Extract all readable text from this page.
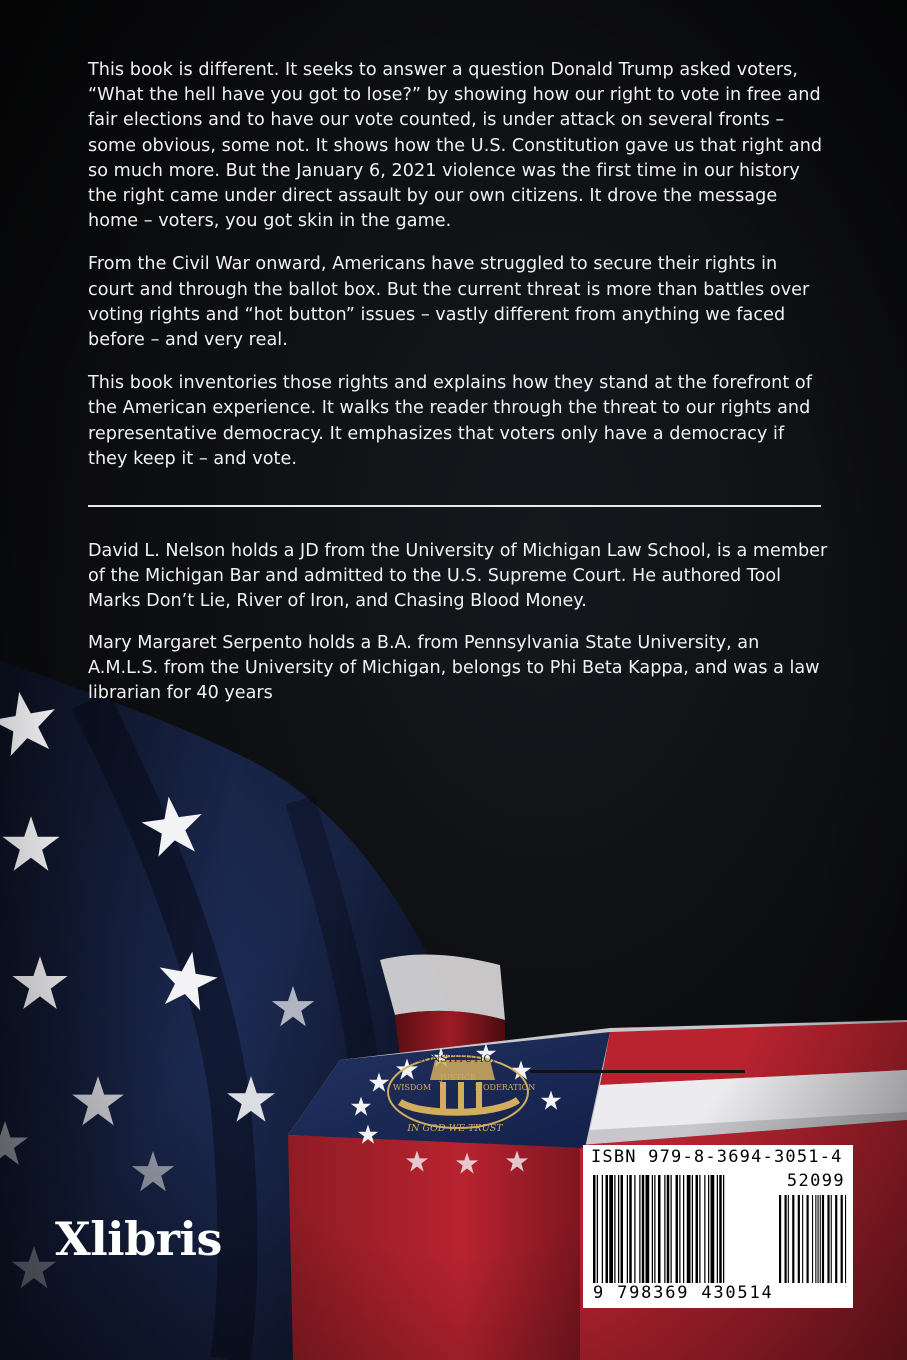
This book is different. It seeks to answer a question Donald Trump asked voters, “What the hell have you got to lose?” by showing how our right to vote in free and fair elections and to have our vote counted, is under attack on several fronts – some obvious, some not. It shows how the U.S. Constitution gave us that right and so much more. But the January 6, 2021 violence was the first time in our history the right came under direct assault by our own citizens. It drove the message home – voters, you got skin in the game.

From the Civil War onward, Americans have struggled to secure their rights in court and through the ballot box. But the current threat is more than battles over voting rights and “hot button” issues – vastly different from anything we faced before – and very real.

This book inventories those rights and explains how they stand at the forefront of the American experience. It walks the reader through the threat to our rights and representative democracy. It emphasizes that voters only have a democracy if they keep it – and vote.

David L. Nelson holds a JD from the University of Michigan Law School, is a member of the Michigan Bar and admitted to the U.S. Supreme Court. He authored Tool Marks Don’t Lie, River of Iron, and Chasing Blood Money.

Mary Margaret Serpento holds a B.A. from Pennsylvania State University, an A.M.L.S. from the University of Michigan, belongs to Phi Beta Kappa, and was a law librarian for 40 years

Xlibris
ISBN 979-8-3694-3051-4
52099
9 798369 430514
